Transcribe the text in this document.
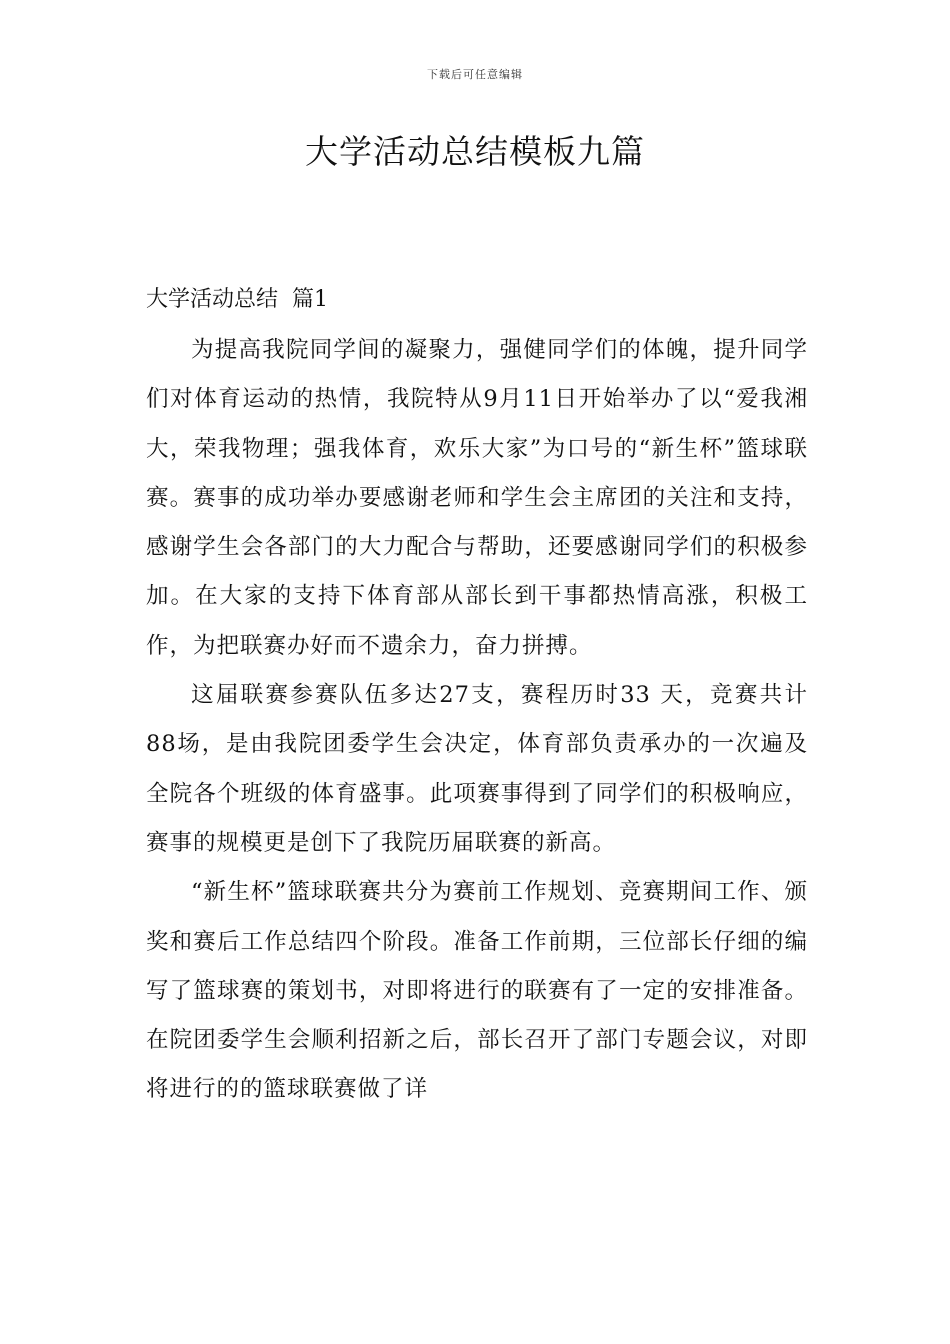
下载后可任意编辑
大学活动总结模板九篇
大学活动总结  篇1

为提高我院同学间的凝聚力，强健同学们的体魄，提升同学们对体育运动的热情，我院特从9月11日开始举办了以“爱我湘大，荣我物理；强我体育，欢乐大家”为口号的“新生杯”篮球联赛。赛事的成功举办要感谢老师和学生会主席团的关注和支持，感谢学生会各部门的大力配合与帮助，还要感谢同学们的积极参加。在大家的支持下体育部从部长到干事都热情高涨，积极工作，为把联赛办好而不遗余力，奋力拼搏。

这届联赛参赛队伍多达27支，赛程历时33 天，竞赛共计88场，是由我院团委学生会决定，体育部负责承办的一次遍及全院各个班级的体育盛事。此项赛事得到了同学们的积极响应，赛事的规模更是创下了我院历届联赛的新高。

“新生杯”篮球联赛共分为赛前工作规划、竞赛期间工作、颁奖和赛后工作总结四个阶段。准备工作前期，三位部长仔细的编写了篮球赛的策划书，对即将进行的联赛有了一定的安排准备。在院团委学生会顺利招新之后，部长召开了部门专题会议，对即将进行的的篮球联赛做了详
